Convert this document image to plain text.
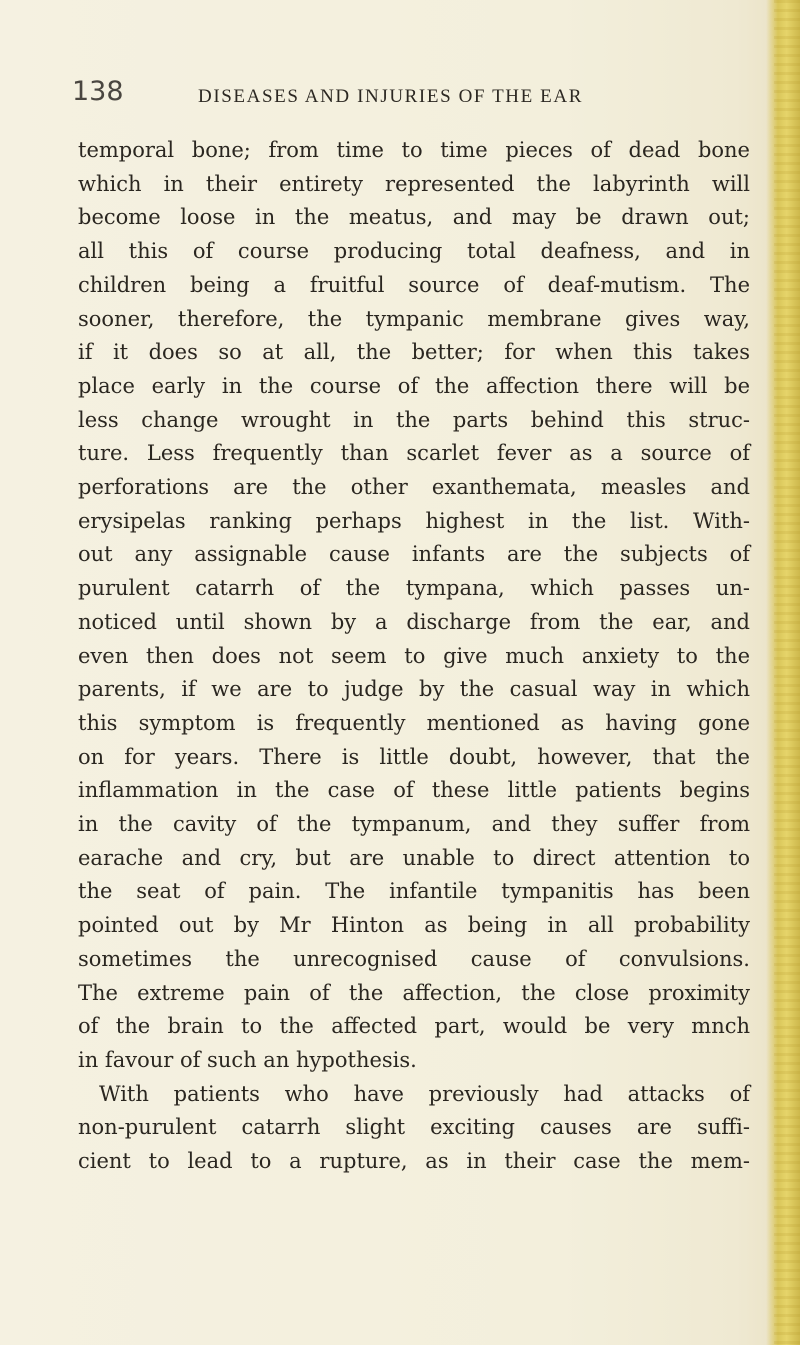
138	DISEASES AND INJURIES OF THE EAR
temporal bone; from time to time pieces of dead bone
which in their entirety represented the labyrinth will
become loose in the meatus, and may be drawn out;
all this of course producing total deafness, and in
children being a fruitful source of deaf-mutism. The
sooner, therefore, the tympanic membrane gives way,
if it does so at all, the better; for when this takes
place early in the course of the affection there will be
less change wrought in the parts behind this struc-
ture. Less frequently than scarlet fever as a source of
perforations are the other exanthemata, measles and
erysipelas ranking perhaps highest in the list. With-
out any assignable cause infants are the subjects of
purulent catarrh of the tympana, which passes un-
noticed until shown by a discharge from the ear, and
even then does not seem to give much anxiety to the
parents, if we are to judge by the casual way in which
this symptom is frequently mentioned as having gone
on for years. There is little doubt, however, that the
inflammation in the case of these little patients begins
in the cavity of the tympanum, and they suffer from
earache and cry, but are unable to direct attention to
the seat of pain. The infantile tympanitis has been
pointed out by Mr Hinton as being in all probability
sometimes the unrecognised cause of convulsions.
The extreme pain of the affection, the close proximity
of the brain to the affected part, would be very mnch
in favour of such an hypothesis.
With patients who have previously had attacks of
non-purulent catarrh slight exciting causes are suffi-
cient to lead to a rupture, as in their case the mem-
